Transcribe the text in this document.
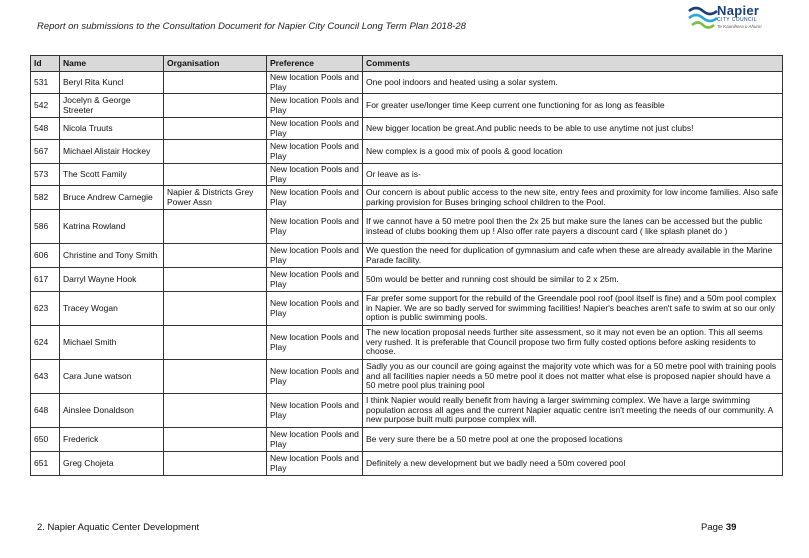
Report on submissions to the Consultation Document for Napier City Council Long Term Plan 2018-28
Napier
CITY COUNCIL
Te Kaunihera o Ahuriri
Id	Name	Organisation	Preference	Comments
531	Beryl Rita Kuncl		New location Pools and Play	One pool indoors and heated using a solar system.
542	Jocelyn & George Streeter		New location Pools and Play	For greater use/longer time Keep current one functioning for as long as feasible
548	Nicola Truuts		New location Pools and Play	New bigger location be great.And public needs to be able to use anytime not just clubs!
567	Michael Alistair Hockey		New location Pools and Play	New complex is a good mix of pools & good location
573	The Scott Family		New location Pools and Play	Or leave as is-
582	Bruce Andrew Carnegie	Napier & Districts Grey Power Assn	New location Pools and Play	Our concern is about public access to the new site, entry fees and proximity for low income families. Also safe parking provision for Buses bringing school children to the Pool.
586	Katrina Rowland		New location Pools and Play	If we cannot have a 50 metre pool then the 2x 25 but make sure the lanes can be accessed but the public instead of clubs booking them up ! Also offer rate payers a discount card ( like splash planet do )
606	Christine and Tony Smith		New location Pools and Play	We question the need for duplication of gymnasium and cafe when these are already available in the Marine Parade facility.
617	Darryl Wayne Hook		New location Pools and Play	50m would be better and running cost should be similar to 2 x 25m.
623	Tracey Wogan		New location Pools and Play	Far prefer some support for the rebuild of the Greendale pool roof (pool itself is fine) and a 50m pool complex in Napier. We are so badly served for swimming facilities! Napier's beaches aren't safe to swim at so our only option is public swimming pools.
624	Michael Smith		New location Pools and Play	The new location proposal needs further site assessment, so it may not even be an option. This all seems very rushed. It is preferable that Council propose two firm fully costed options before asking residents to choose.
643	Cara June watson		New location Pools and Play	Sadly you as our council are going against the majority vote which was for a 50 metre pool with training pools and all facilities napier needs a 50 metre pool it does not matter what else is proposed napier should have a 50 metre pool plus training pool
648	Ainslee Donaldson		New location Pools and Play	I think Napier would really benefit from having a larger swimming complex. We have a large swimming population across all ages and the current Napier aquatic centre isn't meeting the needs of our community. A new purpose built multi purpose complex will.
650	Frederick		New location Pools and Play	Be very sure there be a 50 metre pool at one the proposed locations
651	Greg Chojeta		New location Pools and Play	Definitely a new development but we badly need a 50m covered pool
2. Napier Aquatic Center Development	Page 39
